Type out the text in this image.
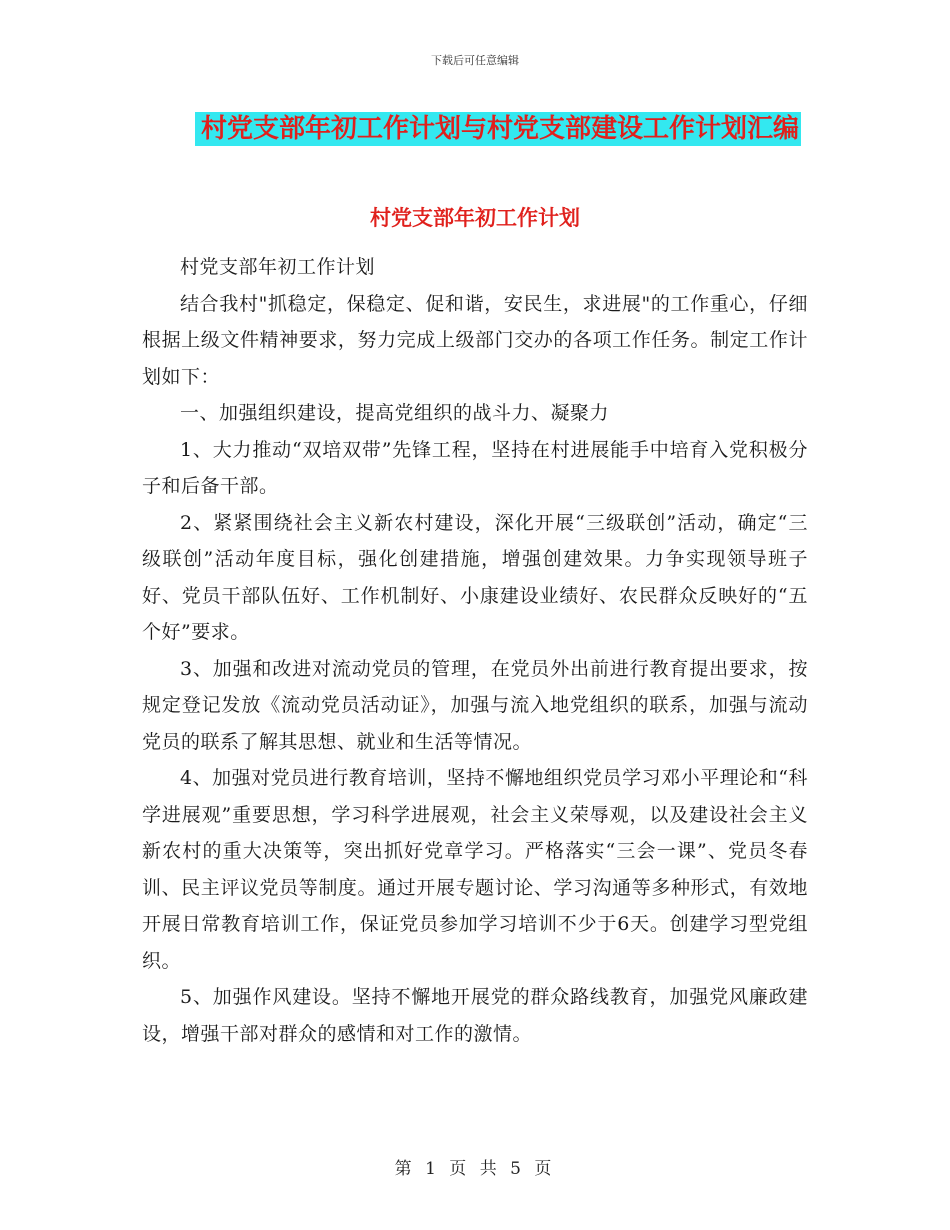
下载后可任意编辑
村党支部年初工作计划与村党支部建设工作计划汇编
村党支部年初工作计划

村党支部年初工作计划

结合我村"抓稳定，保稳定、促和谐，安民生，求进展"的工作重心，仔细根据上级文件精神要求，努力完成上级部门交办的各项工作任务。制定工作计划如下：

一、加强组织建设，提高党组织的战斗力、凝聚力

1、大力推动“双培双带”先锋工程，坚持在村进展能手中培育入党积极分子和后备干部。

2、紧紧围绕社会主义新农村建设，深化开展“三级联创”活动，确定“三级联创”活动年度目标，强化创建措施，增强创建效果。力争实现领导班子好、党员干部队伍好、工作机制好、小康建设业绩好、农民群众反映好的“五个好”要求。

3、加强和改进对流动党员的管理，在党员外出前进行教育提出要求，按规定登记发放《流动党员活动证》，加强与流入地党组织的联系，加强与流动党员的联系了解其思想、就业和生活等情况。

4、加强对党员进行教育培训，坚持不懈地组织党员学习邓小平理论和“科学进展观”重要思想，学习科学进展观，社会主义荣辱观，以及建设社会主义新农村的重大决策等，突出抓好党章学习。严格落实“三会一课”、党员冬春训、民主评议党员等制度。通过开展专题讨论、学习沟通等多种形式，有效地开展日常教育培训工作，保证党员参加学习培训不少于6天。创建学习型党组织。

5、加强作风建设。坚持不懈地开展党的群众路线教育，加强党风廉政建设，增强干部对群众的感情和对工作的激情。

第 1 页 共 5 页
